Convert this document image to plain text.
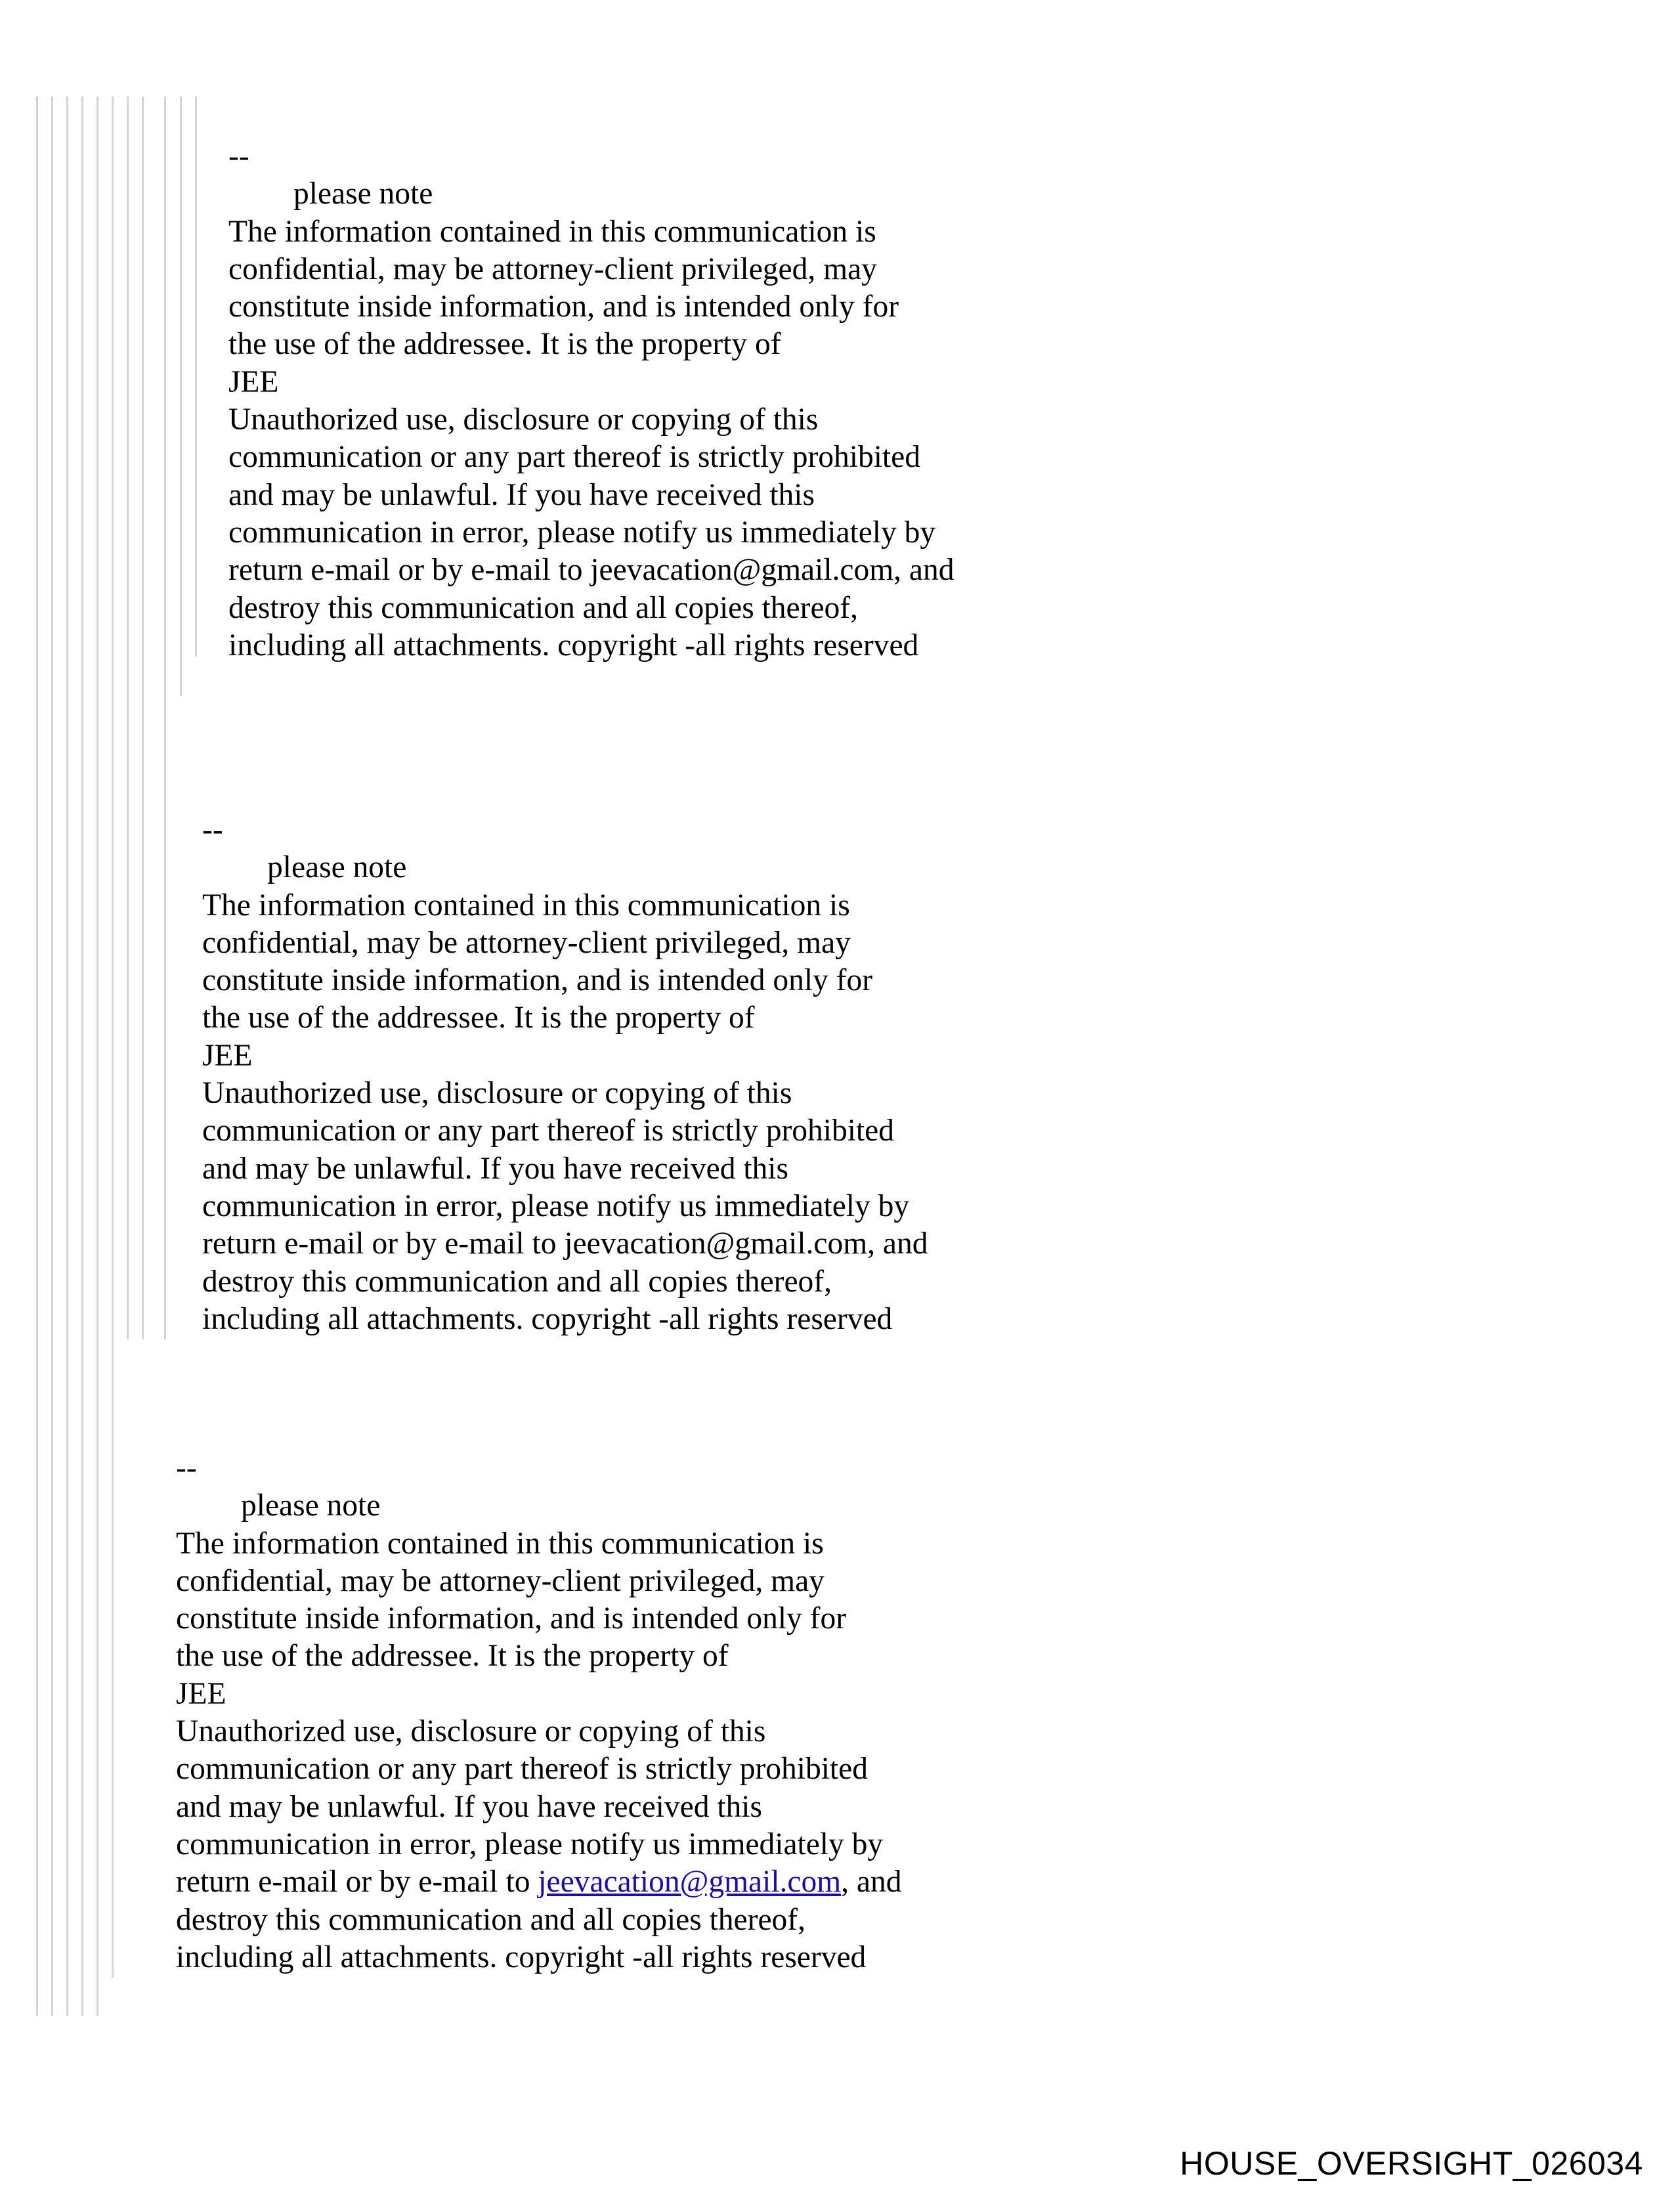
--
please note
The information contained in this communication is
confidential, may be attorney-client privileged, may
constitute inside information, and is intended only for
the use of the addressee. It is the property of
JEE
Unauthorized use, disclosure or copying of this
communication or any part thereof is strictly prohibited
and may be unlawful. If you have received this
communication in error, please notify us immediately by
return e-mail or by e-mail to jeevacation@gmail.com, and
destroy this communication and all copies thereof,
including all attachments. copyright -all rights reserved
--
please note
The information contained in this communication is
confidential, may be attorney-client privileged, may
constitute inside information, and is intended only for
the use of the addressee. It is the property of
JEE
Unauthorized use, disclosure or copying of this
communication or any part thereof is strictly prohibited
and may be unlawful. If you have received this
communication in error, please notify us immediately by
return e-mail or by e-mail to jeevacation@gmail.com, and
destroy this communication and all copies thereof,
including all attachments. copyright -all rights reserved
--
please note
The information contained in this communication is
confidential, may be attorney-client privileged, may
constitute inside information, and is intended only for
the use of the addressee. It is the property of
JEE
Unauthorized use, disclosure or copying of this
communication or any part thereof is strictly prohibited
and may be unlawful. If you have received this
communication in error, please notify us immediately by
return e-mail or by e-mail to jeevacation@gmail.com, and
destroy this communication and all copies thereof,
including all attachments. copyright -all rights reserved
HOUSE_OVERSIGHT_026034
